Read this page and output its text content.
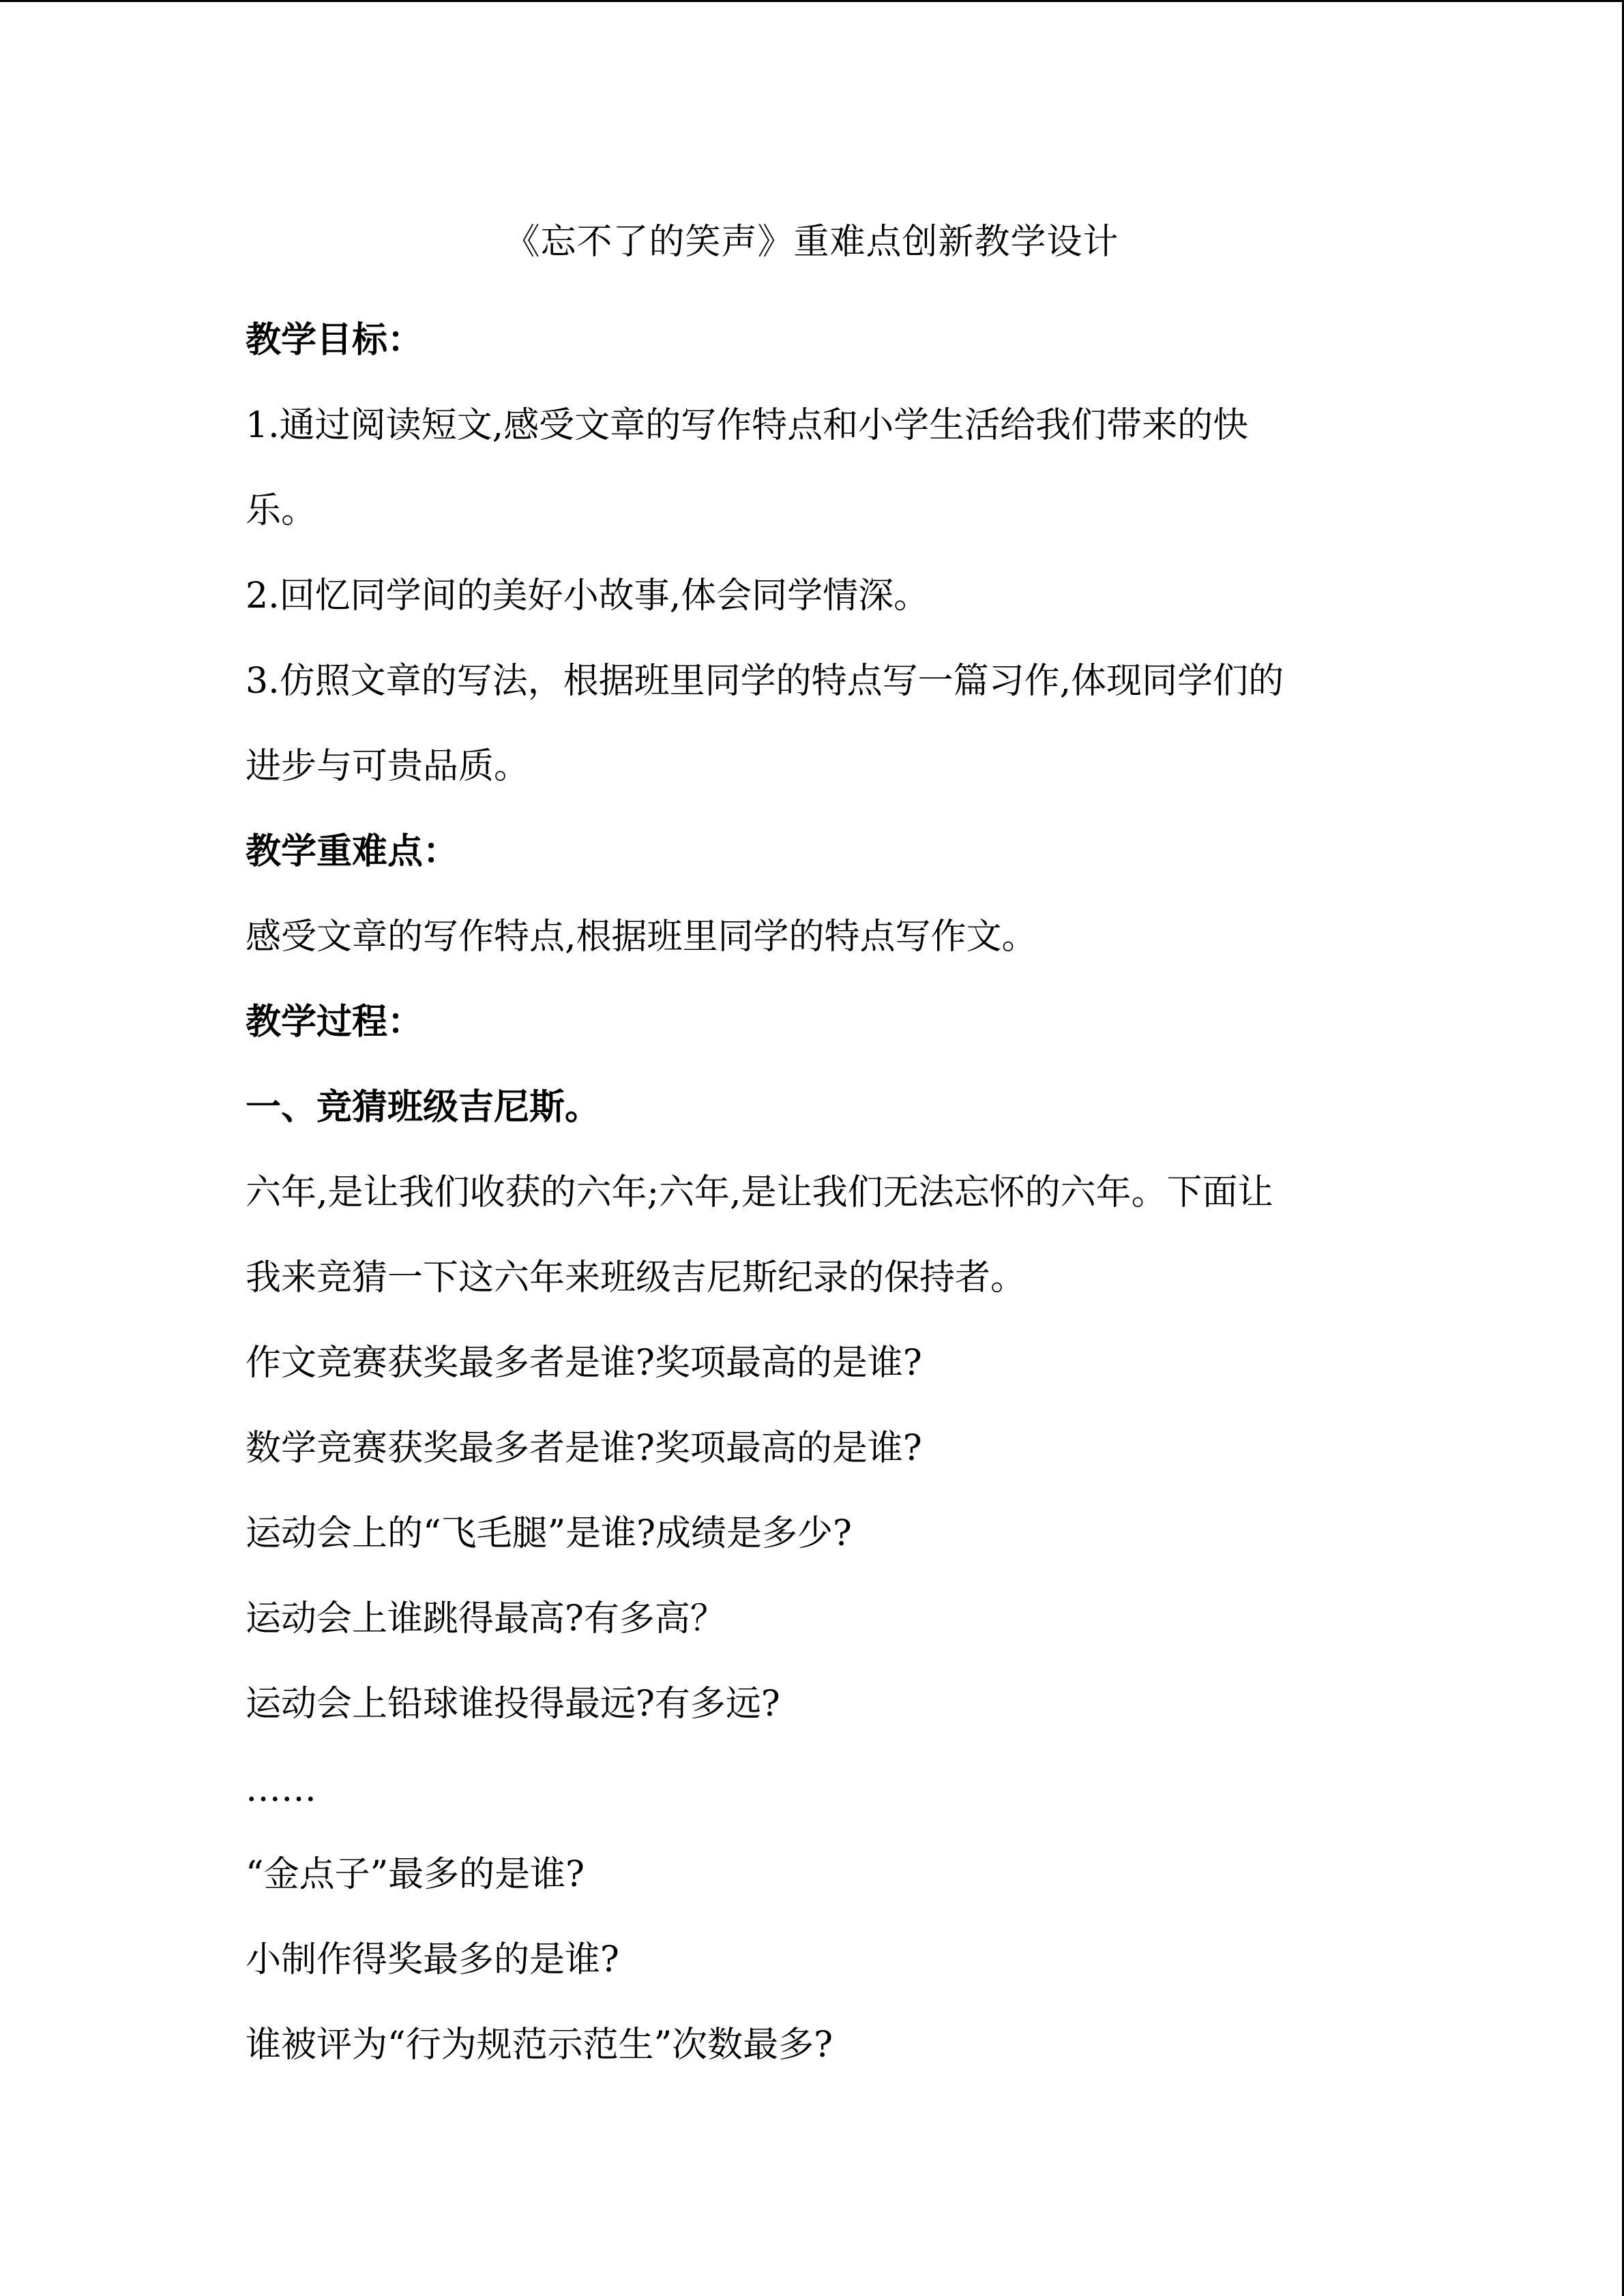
《忘不了的笑声》重难点创新教学设计

教学目标：

1.通过阅读短文,感受文章的写作特点和小学生活给我们带来的快

乐。

2.回忆同学间的美好小故事,体会同学情深。

3.仿照文章的写法，根据班里同学的特点写一篇习作,体现同学们的

进步与可贵品质。

教学重难点：

感受文章的写作特点,根据班里同学的特点写作文。

教学过程：

一、竞猜班级吉尼斯。

六年,是让我们收获的六年;六年,是让我们无法忘怀的六年。下面让

我来竞猜一下这六年来班级吉尼斯纪录的保持者。

作文竞赛获奖最多者是谁?奖项最高的是谁?

数学竞赛获奖最多者是谁?奖项最高的是谁?

运动会上的“飞毛腿”是谁?成绩是多少?

运动会上谁跳得最高?有多高？

运动会上铅球谁投得最远?有多远?

……

“金点子”最多的是谁?

小制作得奖最多的是谁?

谁被评为“行为规范示范生”次数最多?
